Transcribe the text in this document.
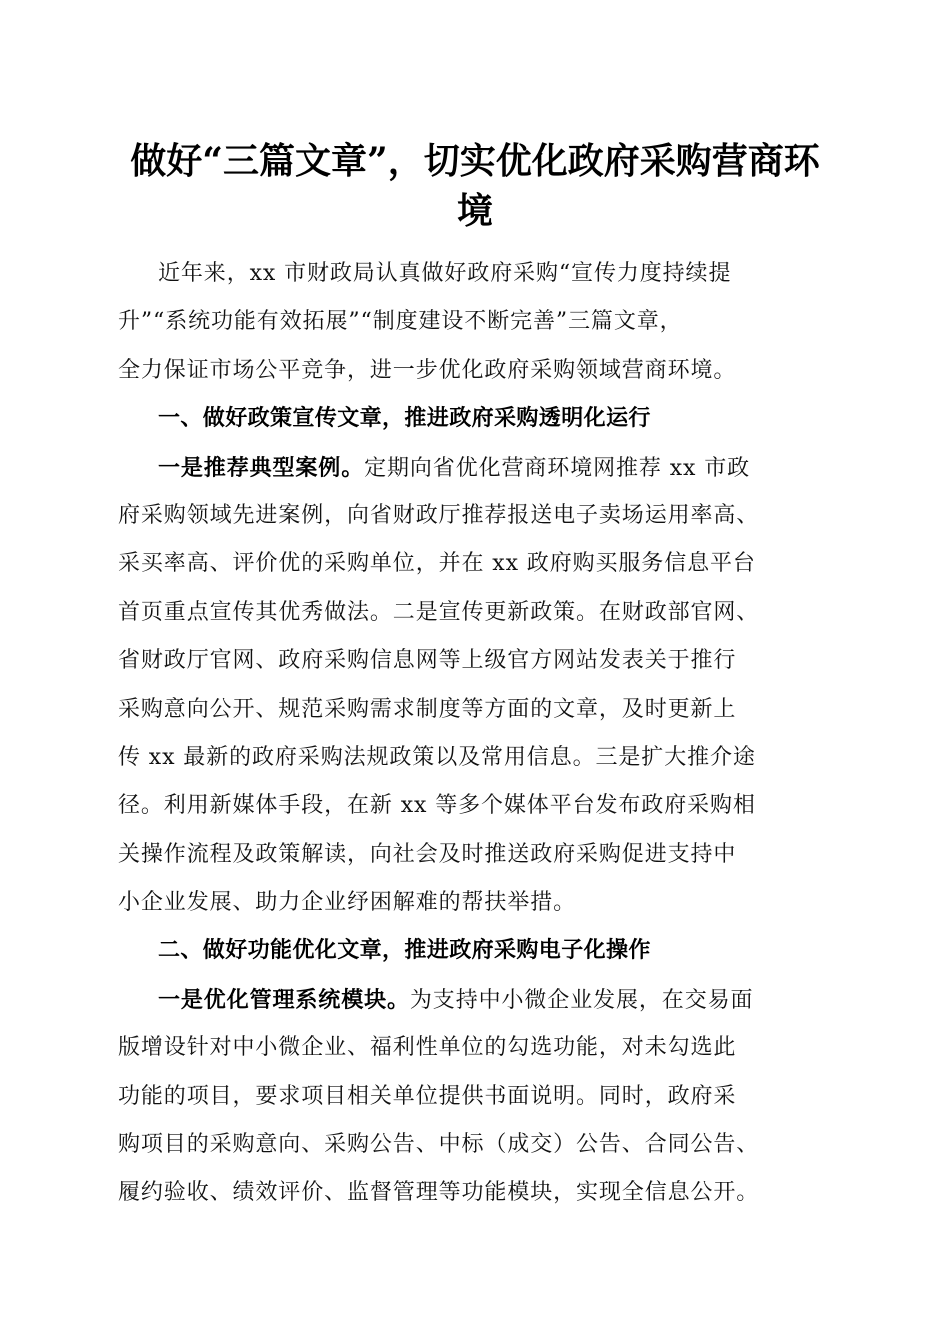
做好“三篇文章”，切实优化政府采购营商环
境
近年来，xx 市财政局认真做好政府采购“宣传力度持续提
升”“系统功能有效拓展”“制度建设不断完善”三篇文章，
全力保证市场公平竞争，进一步优化政府采购领域营商环境。
一、做好政策宣传文章，推进政府采购透明化运行
一是推荐典型案例。定期向省优化营商环境网推荐 xx 市政
府采购领域先进案例，向省财政厅推荐报送电子卖场运用率高、
采买率高、评价优的采购单位，并在 xx 政府购买服务信息平台
首页重点宣传其优秀做法。二是宣传更新政策。在财政部官网、
省财政厅官网、政府采购信息网等上级官方网站发表关于推行
采购意向公开、规范采购需求制度等方面的文章，及时更新上
传 xx 最新的政府采购法规政策以及常用信息。三是扩大推介途
径。利用新媒体手段，在新 xx 等多个媒体平台发布政府采购相
关操作流程及政策解读，向社会及时推送政府采购促进支持中
小企业发展、助力企业纾困解难的帮扶举措。
二、做好功能优化文章，推进政府采购电子化操作
一是优化管理系统模块。为支持中小微企业发展，在交易面
版增设针对中小微企业、福利性单位的勾选功能，对未勾选此
功能的项目，要求项目相关单位提供书面说明。同时，政府采
购项目的采购意向、采购公告、中标（成交）公告、合同公告、
履约验收、绩效评价、监督管理等功能模块，实现全信息公开。
